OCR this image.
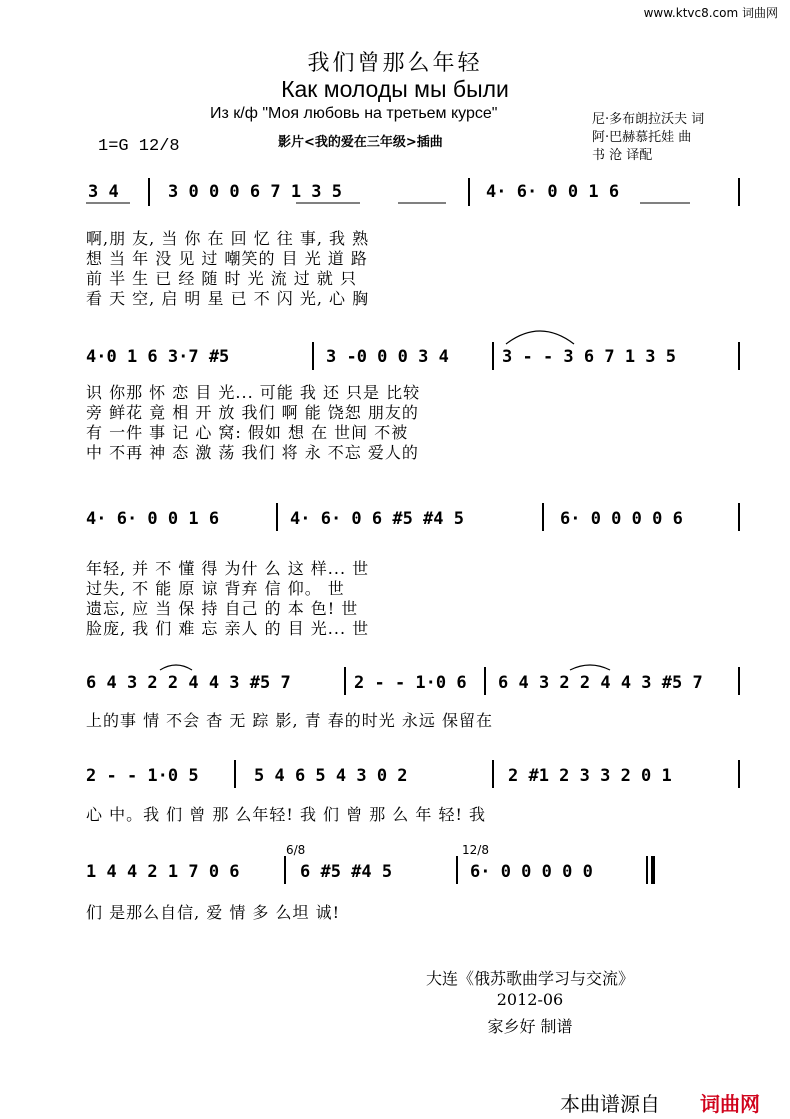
www.ktvc8.com 词曲网
我们曾那么年轻
Как молоды мы были
Из к/ф "Моя любовь на третьем курсе"
影片<我的爱在三年级>插曲
1=G 12/8
尼·多布朗拉沃夫 词
阿·巴赫慕托娃 曲
书 沧 译配
3 4	3 0 0 0 6 7 1 3 5	4· 6· 0 0 1 6
啊,朋 友, 当 你 在 回 忆 往 事, 我 熟
想 当 年 没 见 过 嘲笑的 目 光 道 路
前 半 生 已 经 随 时 光 流 过 就 只
看 天 空, 启 明 星 已 不 闪 光, 心 胸
4·0 1 6 3·7 #5	3 -0 0 0 3 4	3 - - 3 6 7 1 3 5
识 你那 怀 恋 目 光... 可能 我 还 只是 比较
旁 鲜花 竟 相 开 放 我们 啊 能 饶恕 朋友的
有 一件 事 记 心 窝: 假如 想 在 世间 不被
中 不再 神 态 激 荡 我们 将 永 不忘 爱人的
4· 6· 0 0 1 6	4· 6· 0 6 #5 #4 5	6· 0 0 0 0 6
年轻, 并 不 懂 得 为什 么 这 样... 世
过失, 不 能 原 谅 背弃 信 仰。 世
遗忘, 应 当 保 持 自己 的 本 色! 世
脸庞, 我 们 难 忘 亲人 的 目 光... 世
6 4 3 2 2 4 4 3 #5 7	2 - - 1·0 6 6 4 3 2 2 4 4 3 #5 7
上的事 情 不会 杳 无 踪 影, 青 春的时光 永远 保留在
2 - - 1·0 5	5 4 6 5 4 3 0 2	2 #1 2 3 3 2 0 1
心 中。我 们 曾 那 么年轻! 我 们 曾 那 么 年 轻! 我
6/8	12/8
1 4 4 2 1 7 0 6	6 #5 #4 5	6· 0 0 0 0 0
们 是那么自信, 爱 情 多 么坦 诚!
大连《俄苏歌曲学习与交流》
2012-06
家乡好 制谱
本曲谱源自 词曲网
